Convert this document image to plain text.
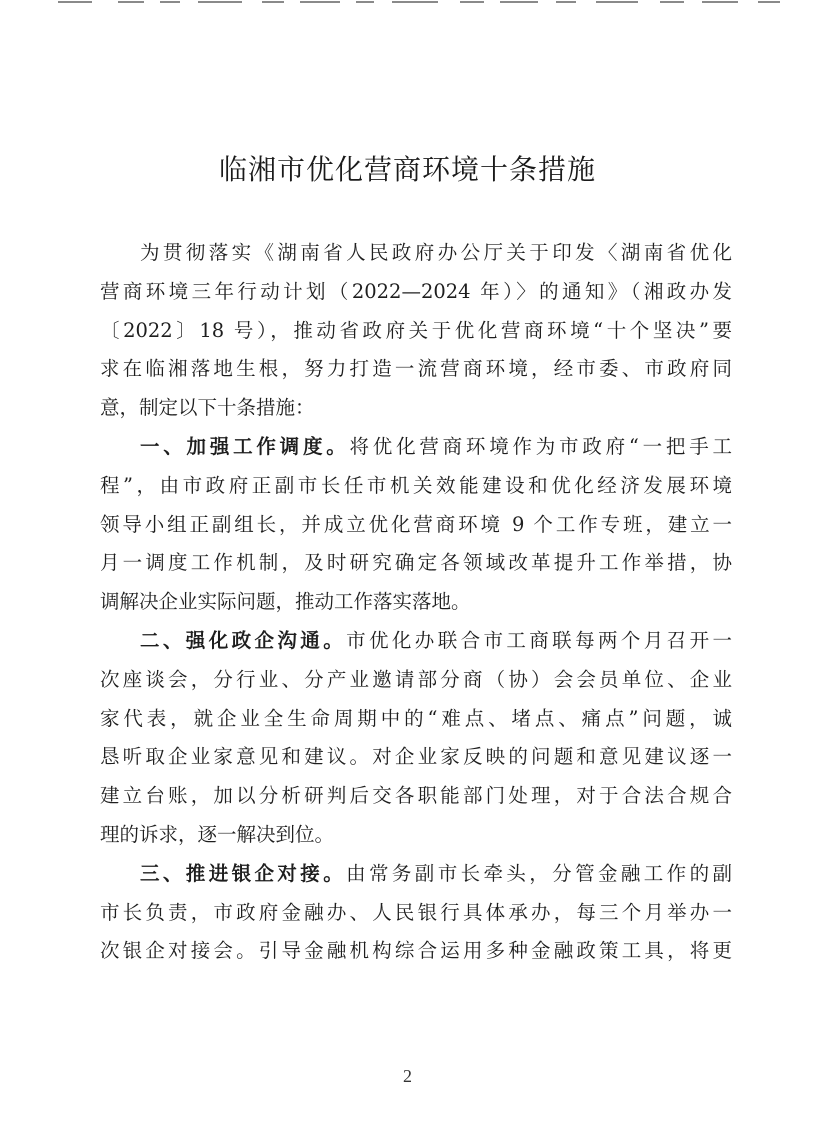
临湘市优化营商环境十条措施
为贯彻落实《湖南省人民政府办公厅关于印发〈湖南省优化
营商环境三年行动计划（2022—2024 年）〉的通知》（湘政办发
〔2022〕18 号），推动省政府关于优化营商环境“十个坚决”要
求在临湘落地生根，努力打造一流营商环境，经市委、市政府同
意，制定以下十条措施：
一、加强工作调度。将优化营商环境作为市政府“一把手工
程”，由市政府正副市长任市机关效能建设和优化经济发展环境
领导小组正副组长，并成立优化营商环境 9 个工作专班，建立一
月一调度工作机制，及时研究确定各领域改革提升工作举措，协
调解决企业实际问题，推动工作落实落地。
二、强化政企沟通。市优化办联合市工商联每两个月召开一
次座谈会，分行业、分产业邀请部分商（协）会会员单位、企业
家代表，就企业全生命周期中的“难点、堵点、痛点”问题，诚
恳听取企业家意见和建议。对企业家反映的问题和意见建议逐一
建立台账，加以分析研判后交各职能部门处理，对于合法合规合
理的诉求，逐一解决到位。
三、推进银企对接。由常务副市长牵头，分管金融工作的副
市长负责，市政府金融办、人民银行具体承办，每三个月举办一
次银企对接会。引导金融机构综合运用多种金融政策工具，将更
2
